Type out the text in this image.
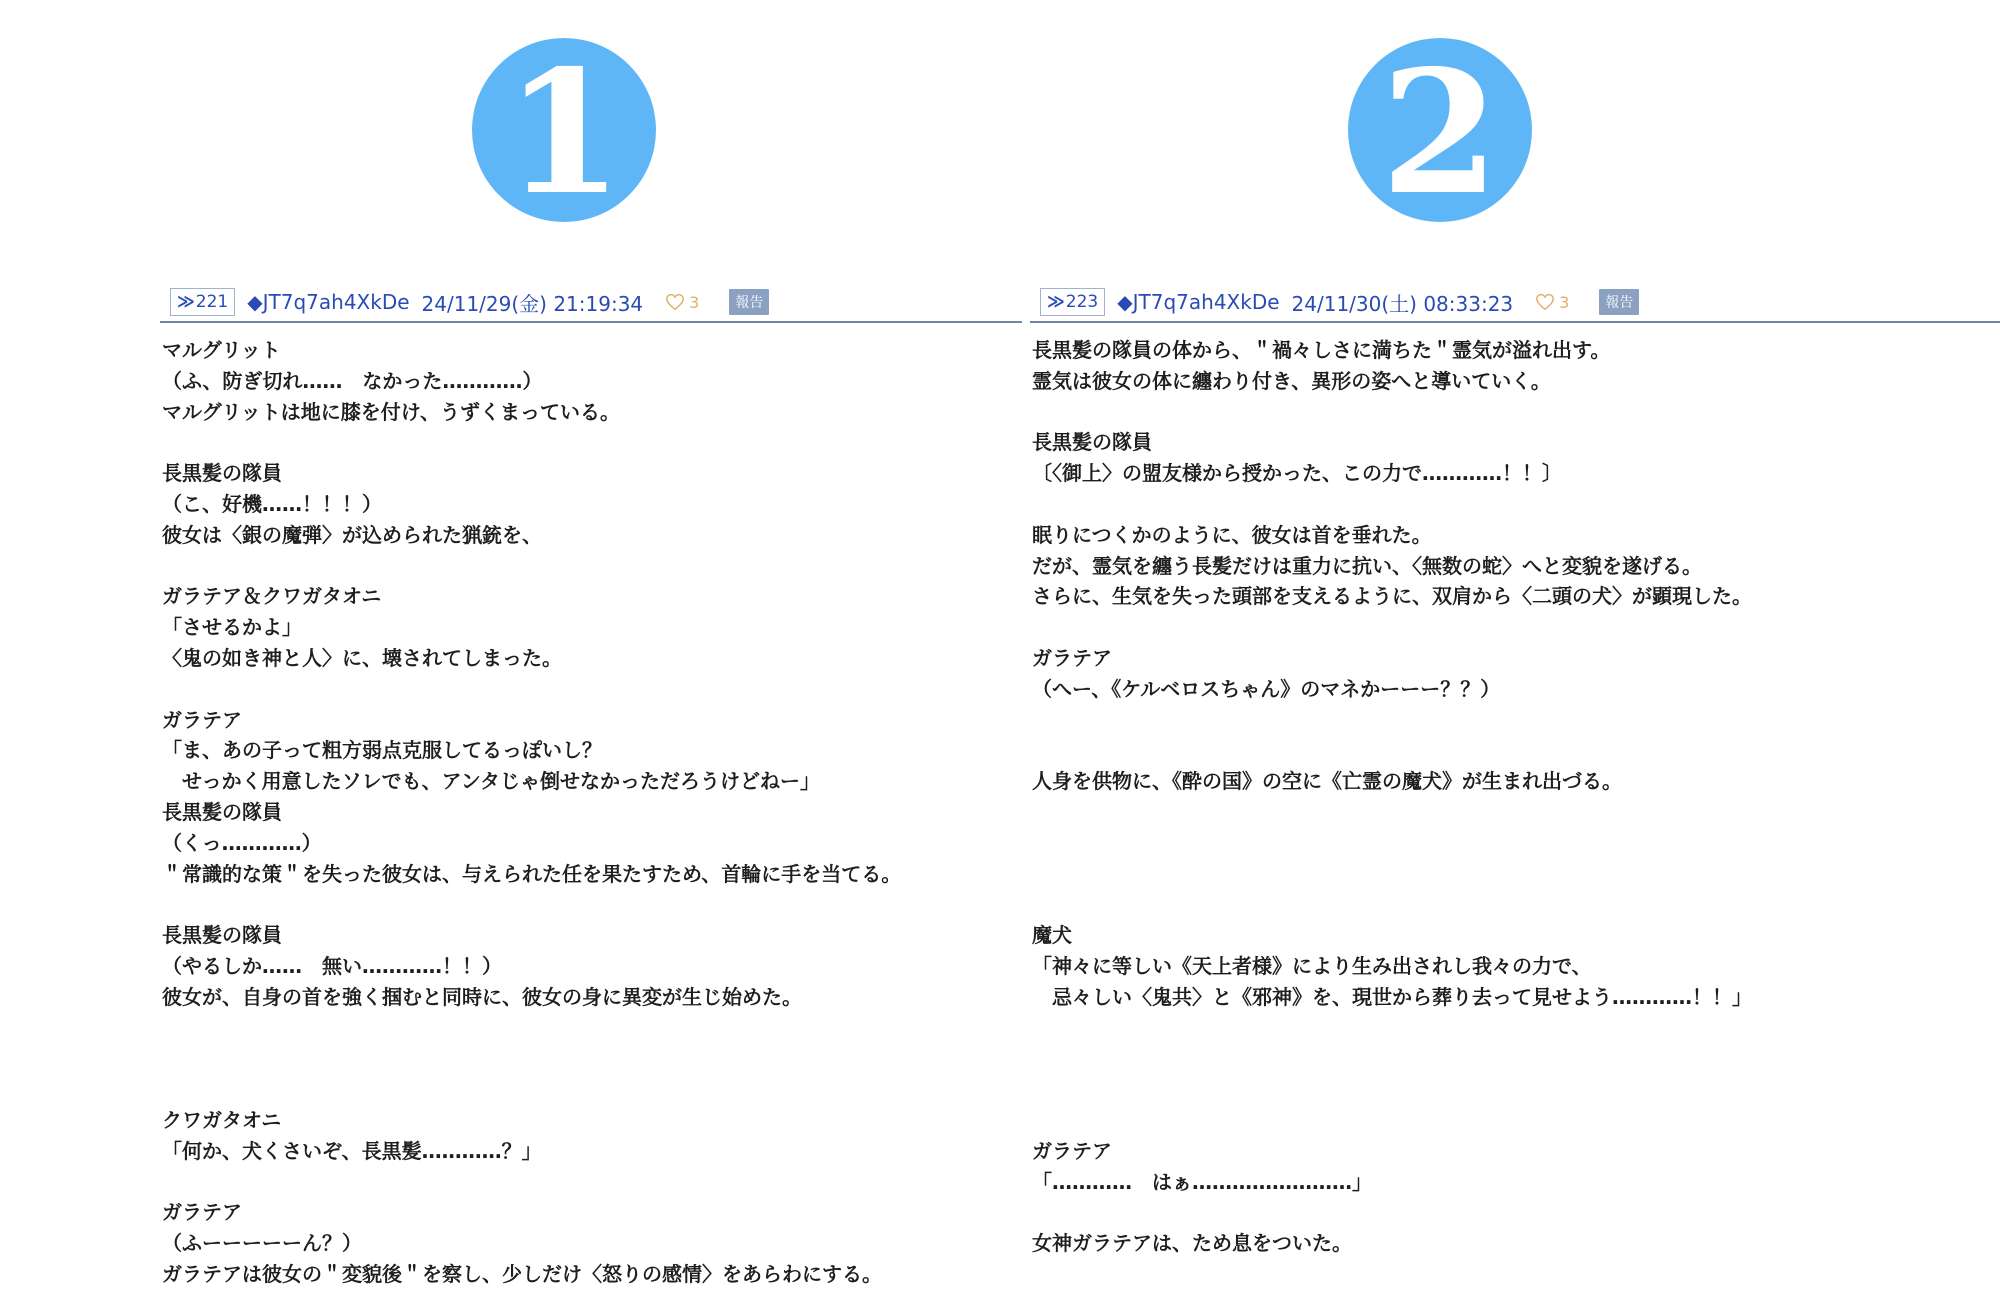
1
≫ 221 ◆JT7q7ah4XkDe 24/11/29(金) 21:19:34	3	報告
マルグリット
（ふ、防ぎ切れ……　なかった…………）
マルグリットは地に膝を付け、うずくまっている。

長黒髪の隊員
（こ、好機……！！！）
彼女は〈銀の魔弾〉が込められた猟銃を、

ガラテア＆クワガタオニ
「させるかよ」
〈鬼の如き神と人〉に、壊されてしまった。

ガラテア
「ま、あの子って粗方弱点克服してるっぽいし？
　せっかく用意したソレでも、アンタじゃ倒せなかっただろうけどねー」
長黒髪の隊員
（くっ…………）
＂常識的な策＂を失った彼女は、与えられた任を果たすため、首輪に手を当てる。

長黒髪の隊員
（やるしか……　無い…………！！）
彼女が、自身の首を強く掴むと同時に、彼女の身に異変が生じ始めた。

クワガタオニ
「何か、犬くさいぞ、長黒髪…………？」

ガラテア
（ふーーーーーん？）
ガラテアは彼女の＂変貌後＂を察し、少しだけ〈怒りの感情〉をあらわにする。
2
≫ 223 ◆JT7q7ah4XkDe 24/11/30(土) 08:33:23	3	報告
長黒髪の隊員の体から、＂禍々しさに満ちた＂霊気が溢れ出す。
霊気は彼女の体に纏わり付き、異形の姿へと導いていく。

長黒髪の隊員
〔〈御上〉の盟友様から授かった、この力で…………！！〕

眠りにつくかのように、彼女は首を垂れた。
だが、霊気を纏う長髪だけは重力に抗い、〈無数の蛇〉へと変貌を遂げる。
さらに、生気を失った頭部を支えるように、双肩から〈二頭の犬〉が顕現した。

ガラテア
（へー、《ケルベロスちゃん》のマネかーーー？？）

人身を供物に、《酔の国》の空に《亡霊の魔犬》が生まれ出づる。

魔犬
「神々に等しい《天上者様》により生み出されし我々の力で、
　忌々しい〈鬼共〉と《邪神》を、現世から葬り去って見せよう…………！！」

ガラテア
「…………　はぁ……………………」

女神ガラテアは、ため息をついた。
